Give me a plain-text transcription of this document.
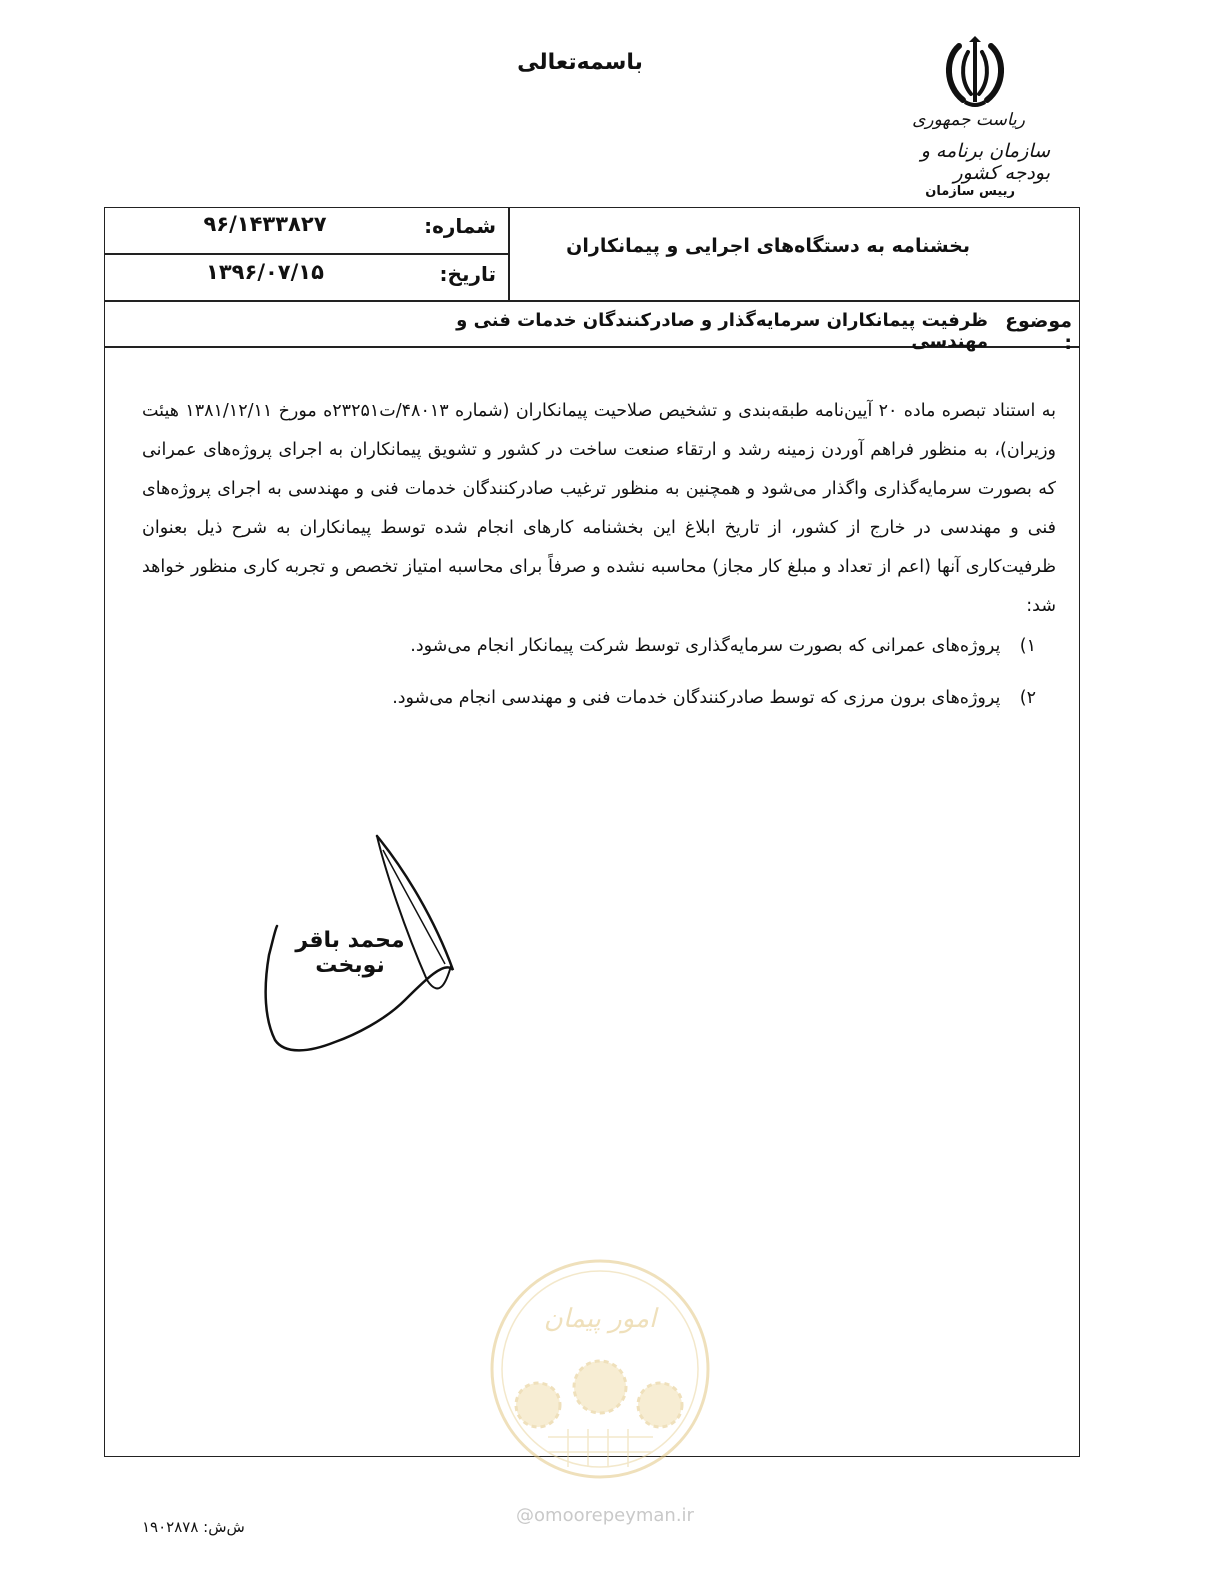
باسمه‌تعالی
ریاست جمهوری
سازمان برنامه و بودجه کشور
رییس سازمان
شماره:
۹۶/۱۴۳۳۸۲۷
تاریخ:
۱۳۹۶/۰۷/۱۵
بخشنامه به دستگاه‌های اجرایی و پیمانکاران
موضوع :
ظرفیت پیمانکاران سرمایه‌گذار و صادرکنندگان خدمات فنی و مهندسی
به استناد تبصره ماده ۲۰ آیین‌نامه طبقه‌بندی و تشخیص صلاحیت پیمانکاران (شماره ۴۸۰۱۳/ت۲۳۲۵۱ه مورخ ۱۳۸۱/۱۲/۱۱ هیئت وزیران)، به منظور فراهم آوردن زمینه رشد و ارتقاء صنعت ساخت در کشور و تشویق پیمانکاران به اجرای پروژه‌های عمرانی که بصورت سرمایه‌گذاری واگذار می‌شود و همچنین به منظور ترغیب صادرکنندگان خدمات فنی و مهندسی به اجرای پروژه‌های فنی و مهندسی در خارج از کشور، از تاریخ ابلاغ این بخشنامه کارهای انجام شده توسط پیمانکاران به شرح ذیل بعنوان ظرفیت‌کاری آنها (اعم از تعداد و مبلغ کار مجاز) محاسبه نشده و صرفاً برای محاسبه امتیاز تخصص و تجربه کاری منظور خواهد شد:
۱) پروژه‌های عمرانی که بصورت سرمایه‌گذاری توسط شرکت پیمانکار انجام می‌شود.
۲) پروژه‌های برون مرزی که توسط صادرکنندگان خدمات فنی و مهندسی انجام می‌شود.
محمد باقر نوبخت
امور پیمان
@omoorepeyman.ir
ش‌ش: ۱۹۰۲۸۷۸
